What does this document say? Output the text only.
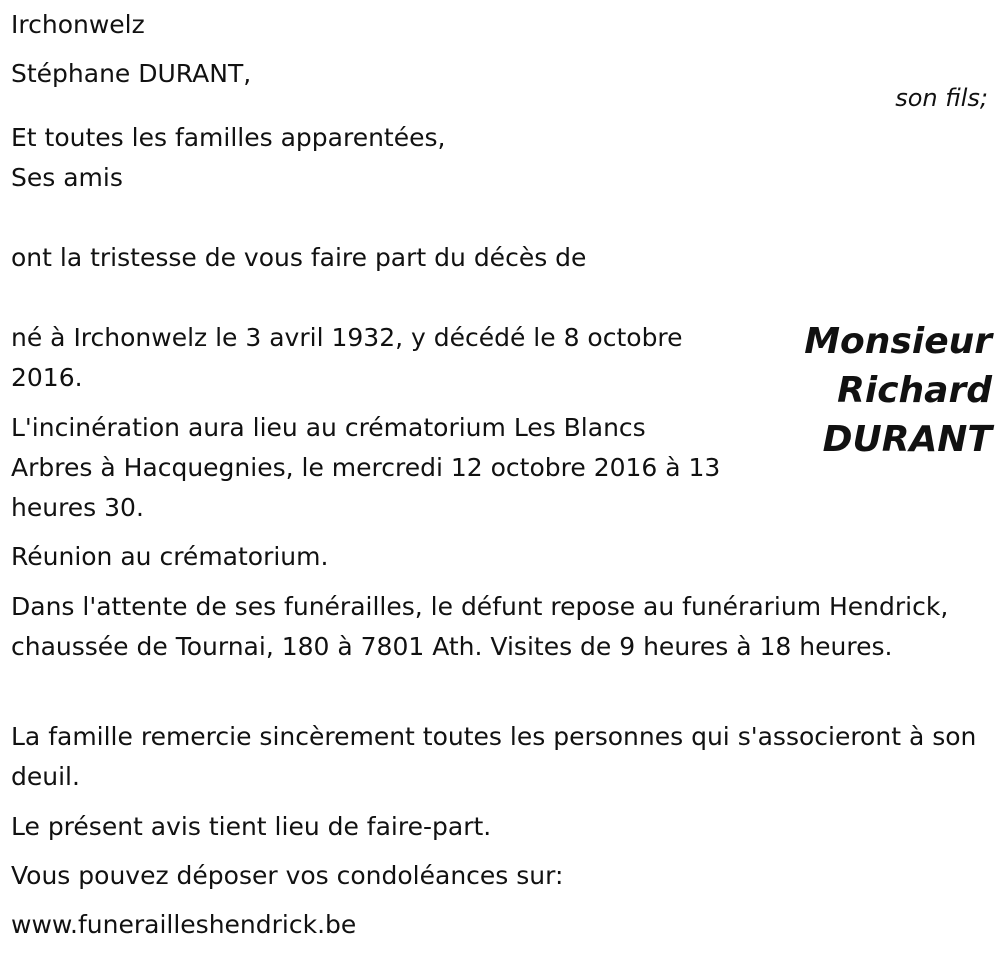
Irchonwelz

Stéphane DURANT,

son fils;

Et toutes les familles apparentées,

Ses amis

ont la tristesse de vous faire part du décès de

Monsieur
Richard
DURANT

né à Irchonwelz le 3 avril 1932, y décédé le 8 octobre 2016.

L'incinération aura lieu au crématorium Les Blancs Arbres à Hacquegnies, le mercredi 12 octobre 2016 à 13 heures 30.

Réunion au crématorium.

Dans l'attente de ses funérailles, le défunt repose au funérarium Hendrick, chaussée de Tournai, 180 à 7801 Ath. Visites de 9 heures à 18 heures.

La famille remercie sincèrement toutes les personnes qui s'associeront à son deuil.

Le présent avis tient lieu de faire-part.

Vous pouvez déposer vos condoléances sur:

www.funerailleshendrick.be
